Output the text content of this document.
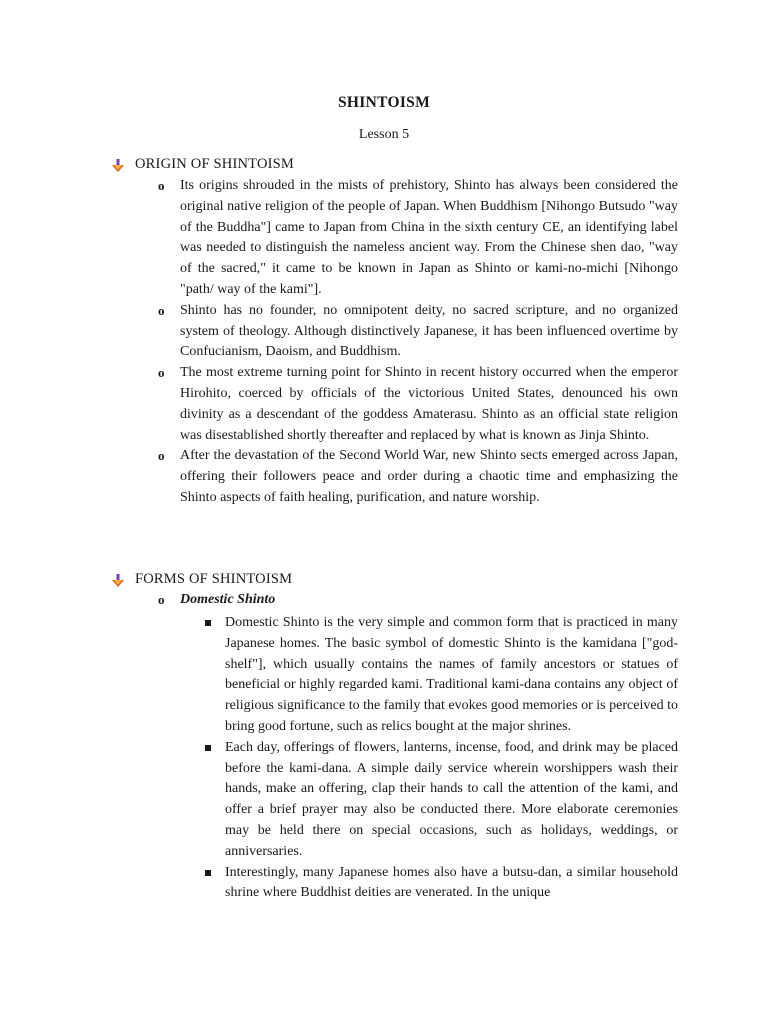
SHINTOISM
Lesson 5
ORIGIN OF SHINTOISM
o Its origins shrouded in the mists of prehistory, Shinto has always been considered the original native religion of the people of Japan. When Buddhism [Nihongo Butsudo "way of the Buddha"] came to Japan from China in the sixth century CE, an identifying label was needed to distinguish the nameless ancient way. From the Chinese shen dao, "way of the sacred," it came to be known in Japan as Shinto or kami-no-michi [Nihongo "path/ way of the kami"].
o Shinto has no founder, no omnipotent deity, no sacred scripture, and no organized system of theology. Although distinctively Japanese, it has been influenced overtime by Confucianism, Daoism, and Buddhism.
o The most extreme turning point for Shinto in recent history occurred when the emperor Hirohito, coerced by officials of the victorious United States, denounced his own divinity as a descendant of the goddess Amaterasu. Shinto as an official state religion was disestablished shortly thereafter and replaced by what is known as Jinja Shinto.
o After the devastation of the Second World War, new Shinto sects emerged across Japan, offering their followers peace and order during a chaotic time and emphasizing the Shinto aspects of faith healing, purification, and nature worship.
FORMS OF SHINTOISM
o Domestic Shinto
Domestic Shinto is the very simple and common form that is practiced in many Japanese homes. The basic symbol of domestic Shinto is the kamidana ["god-shelf"], which usually contains the names of family ancestors or statues of beneficial or highly regarded kami. Traditional kami-dana contains any object of religious significance to the family that evokes good memories or is perceived to bring good fortune, such as relics bought at the major shrines.
Each day, offerings of flowers, lanterns, incense, food, and drink may be placed before the kami-dana. A simple daily service wherein worshippers wash their hands, make an offering, clap their hands to call the attention of the kami, and offer a brief prayer may also be conducted there. More elaborate ceremonies may be held there on special occasions, such as holidays, weddings, or anniversaries.
Interestingly, many Japanese homes also have a butsu-dan, a similar household shrine where Buddhist deities are venerated. In the unique
